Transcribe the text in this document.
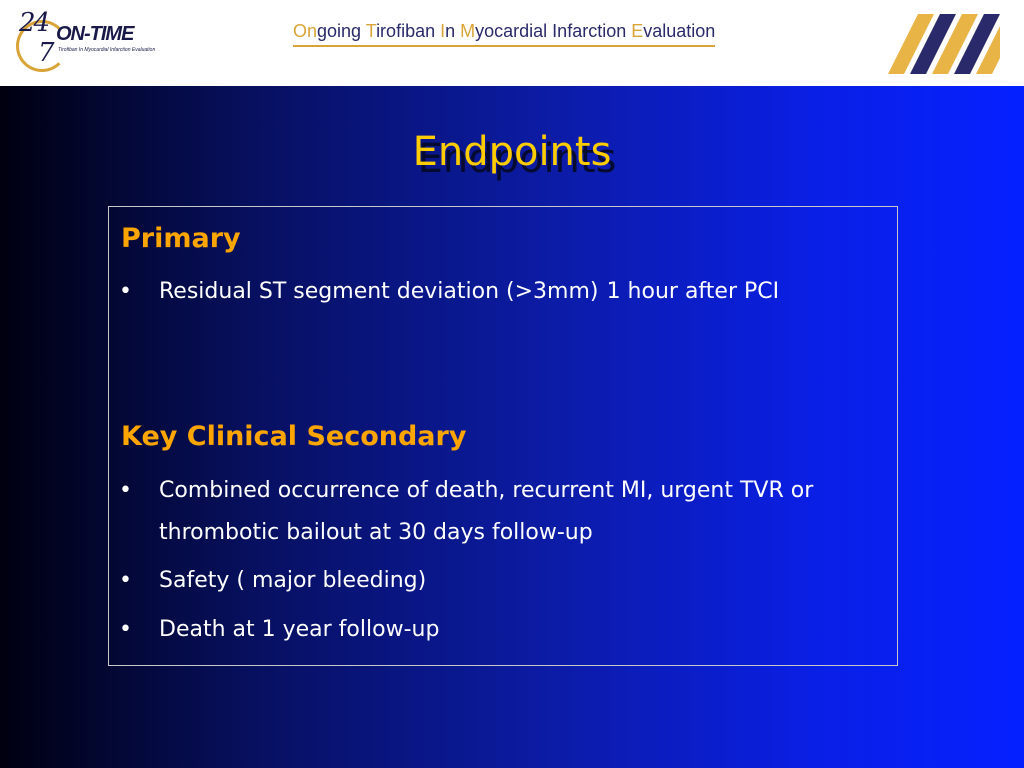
24
7
ON-TIME
Tirofiban In Myocardial Infarction Evaluation
Ongoing Tirofiban In Myocardial Infarction Evaluation
Endpoints
Primary
•	Residual ST segment deviation (>3mm)	1 hour after PCI
Key Clinical Secondary
•	Combined occurrence of death, recurrent MI, urgent TVR or  thrombotic bailout at 30 days follow-up
•	Safety ( major bleeding)
•	Death at 1 year follow-up
